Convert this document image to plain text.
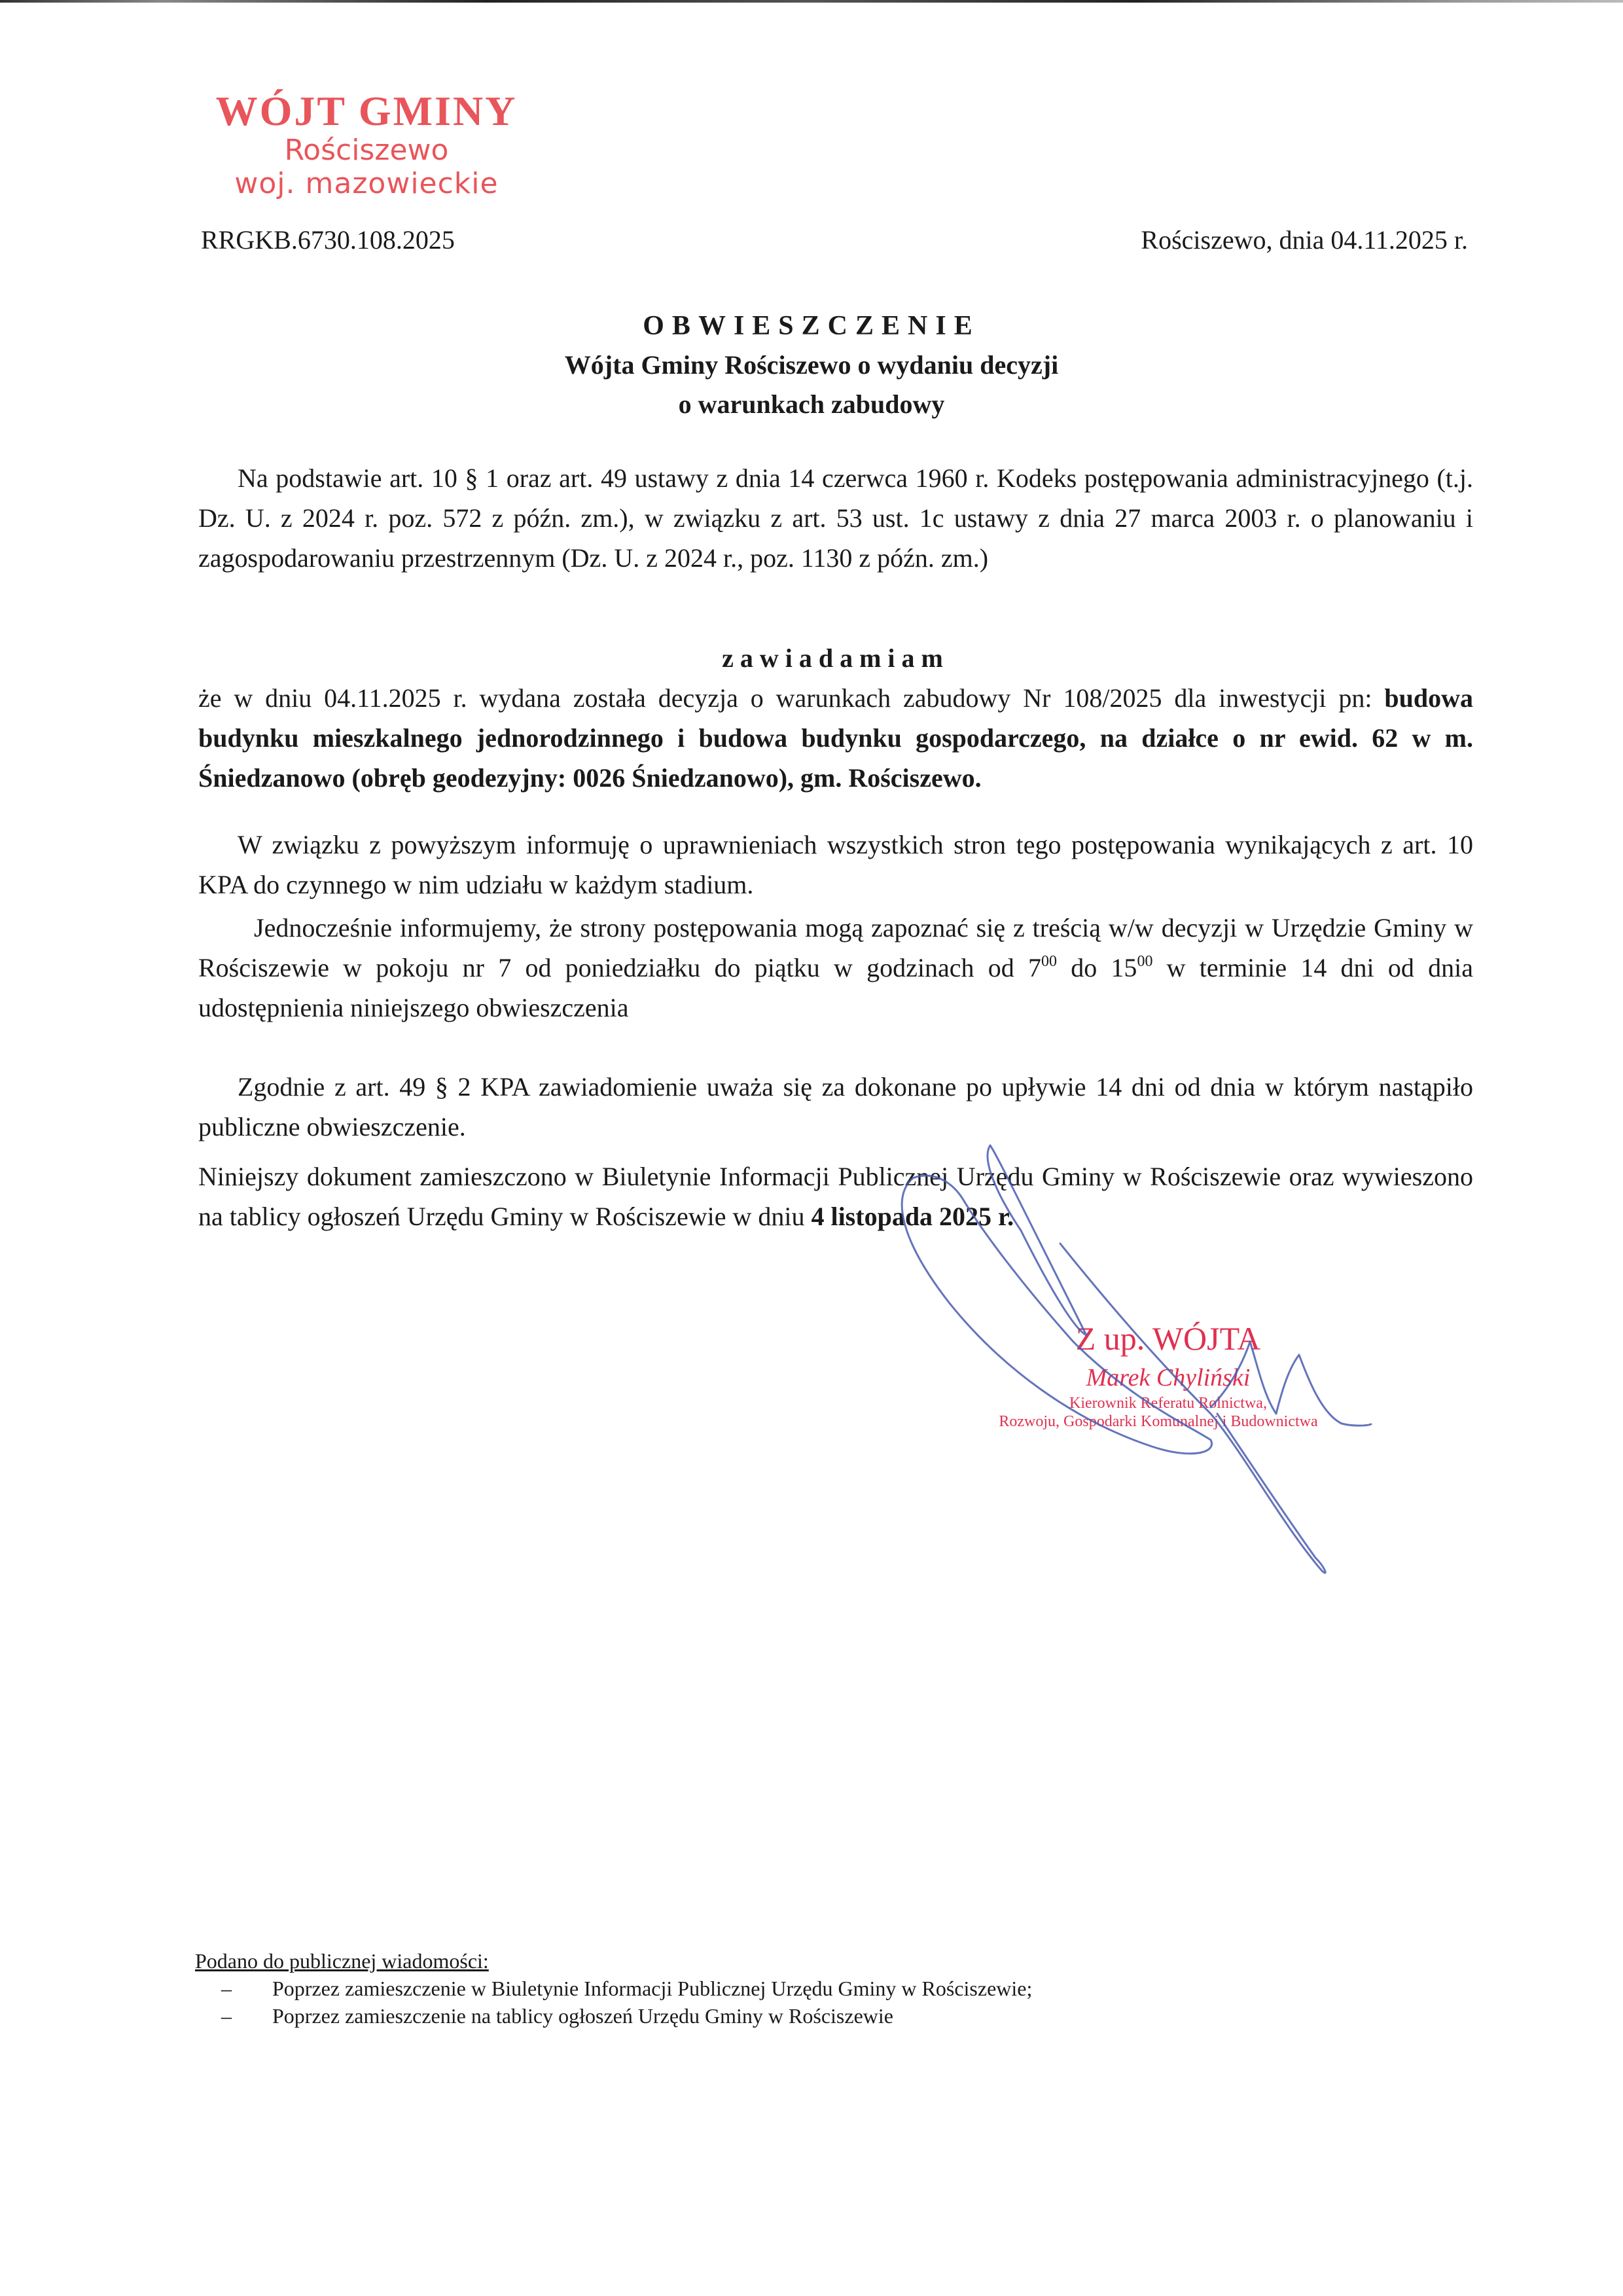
WÓJT GMINY
Rościszewo
woj. mazowieckie
RRGKB.6730.108.2025	Rościszewo, dnia 04.11.2025 r.
OBWIESZCZENIE
Wójta Gminy Rościszewo o wydaniu decyzji
o warunkach zabudowy
Na podstawie art. 10 § 1 oraz art. 49 ustawy z dnia 14 czerwca 1960 r. Kodeks postępowania administracyjnego (t.j. Dz. U. z 2024 r. poz. 572 z późn. zm.), w związku z art. 53 ust. 1c ustawy z dnia 27 marca 2003 r. o planowaniu i zagospodarowaniu przestrzennym (Dz. U. z 2024 r., poz. 1130 z późn. zm.)
zawiadamiam
że w dniu 04.11.2025 r. wydana została decyzja o warunkach zabudowy Nr 108/2025 dla inwestycji pn: budowa budynku mieszkalnego jednorodzinnego i budowa budynku gospodarczego, na działce o nr ewid. 62 w m. Śniedzanowo (obręb geodezyjny: 0026 Śniedzanowo), gm. Rościszewo.
W związku z powyższym informuję o uprawnieniach wszystkich stron tego postępowania wynikających z art. 10 KPA do czynnego w nim udziału w każdym stadium.
Jednocześnie informujemy, że strony postępowania mogą zapoznać się z treścią w/w decyzji w Urzędzie Gminy w Rościszewie w pokoju nr 7 od poniedziałku do piątku w godzinach od $7^{00}$ do $15^{00}$ w terminie 14 dni od dnia udostępnienia niniejszego obwieszczenia
Zgodnie z art. 49 § 2 KPA zawiadomienie uważa się za dokonane po upływie 14 dni od dnia w którym nastąpiło publiczne obwieszczenie.
Niniejszy dokument zamieszczono w Biuletynie Informacji Publicznej Urzędu Gminy w Rościszewie oraz wywieszono na tablicy ogłoszeń Urzędu Gminy w Rościszewie w dniu 4 listopada 2025 r.
Z up. WÓJTA
Marek Chyliński
Kierownik Referatu Rolnictwa,
Rozwoju, Gospodarki Komunalnej i Budownictwa
Podano do publicznej wiadomości:
– Poprzez zamieszczenie w Biuletynie Informacji Publicznej Urzędu Gminy w Rościszewie;
– Poprzez zamieszczenie na tablicy ogłoszeń Urzędu Gminy w Rościszewie
